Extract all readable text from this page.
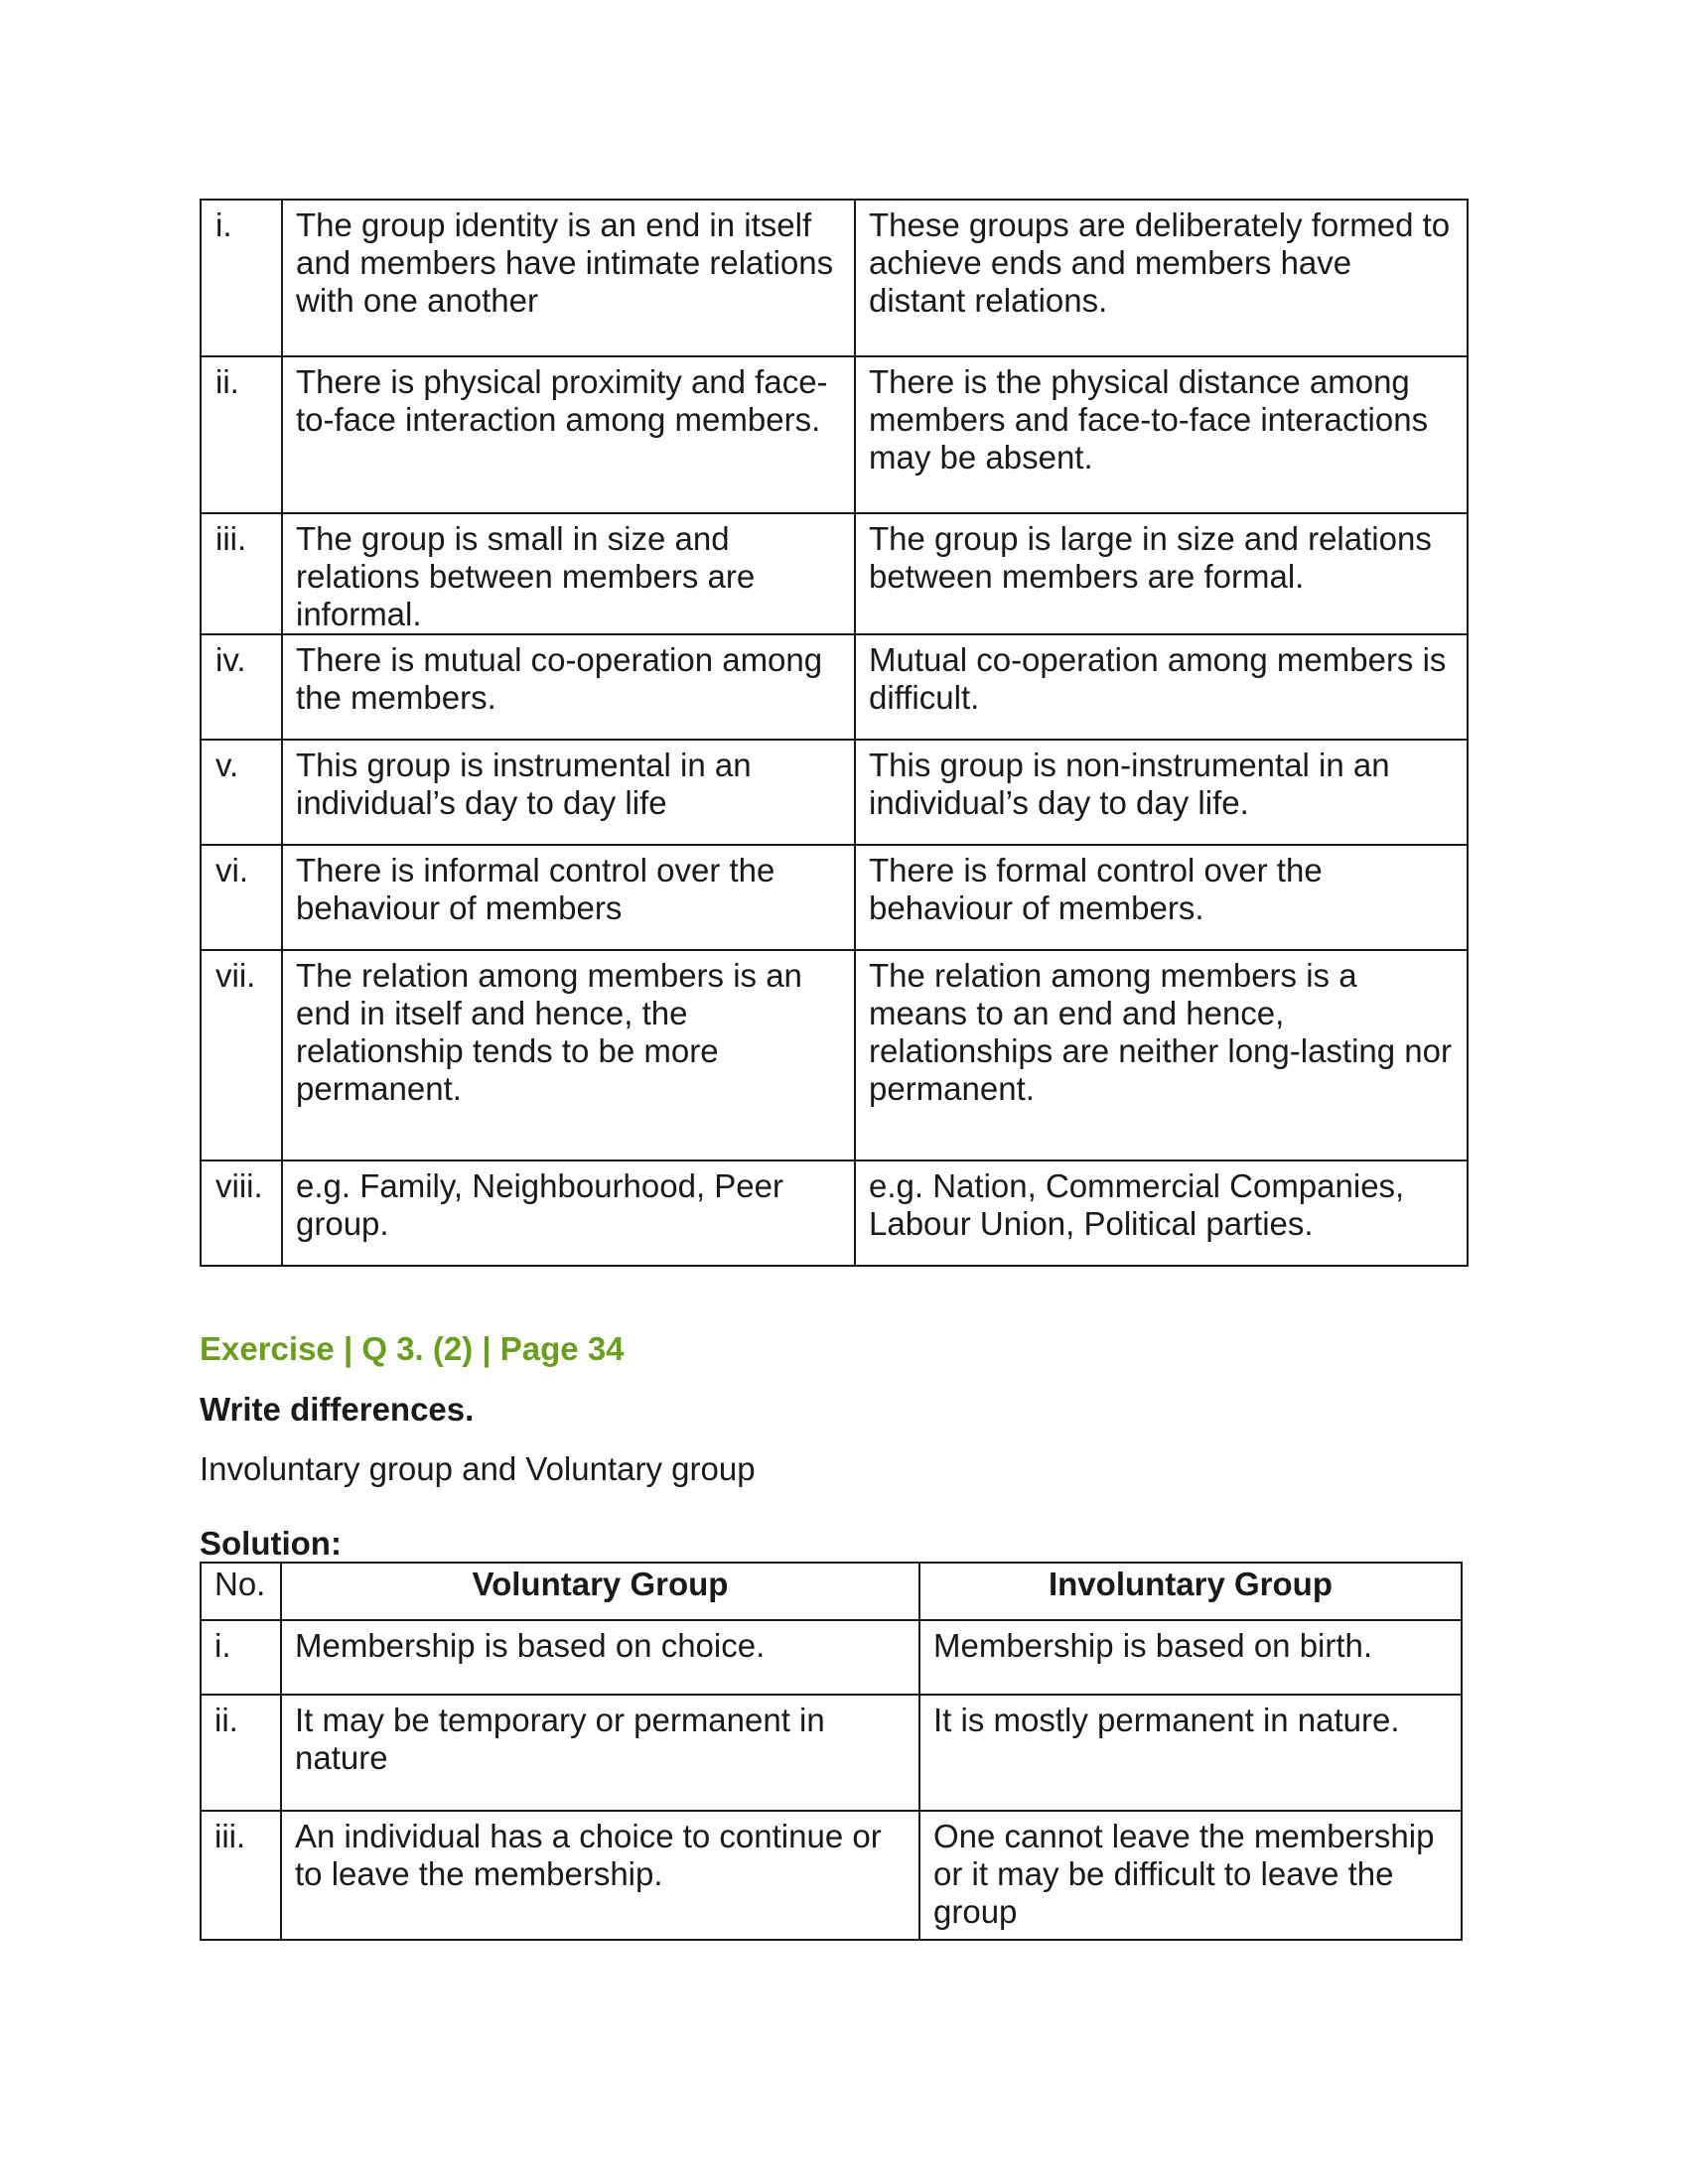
i.	The group identity is an end in itself and members have intimate relations with one another	These groups are deliberately formed to achieve ends and members have distant relations.
ii.	There is physical proximity and face-to-face interaction among members.	There is the physical distance among members and face-to-face interactions may be absent.
iii.	The group is small in size and relations between members are informal.	The group is large in size and relations between members are formal.
iv.	There is mutual co-operation among the members.	Mutual co-operation among members is difficult.
v.	This group is instrumental in an individual’s day to day life	This group is non-instrumental in an individual’s day to day life.
vi.	There is informal control over the behaviour of members	There is formal control over the behaviour of members.
vii.	The relation among members is an end in itself and hence, the relationship tends to be more permanent.	The relation among members is a means to an end and hence, relationships are neither long-lasting nor permanent.
viii.	e.g. Family, Neighbourhood, Peer group.	e.g. Nation, Commercial Companies, Labour Union, Political parties.

Exercise | Q 3. (2) | Page 34

Write differences.

Involuntary group and Voluntary group

Solution:

No.	Voluntary Group	Involuntary Group
i.	Membership is based on choice.	Membership is based on birth.
ii.	It may be temporary or permanent in nature	It is mostly permanent in nature.
iii.	An individual has a choice to continue or to leave the membership.	One cannot leave the membership or it may be difficult to leave the group
